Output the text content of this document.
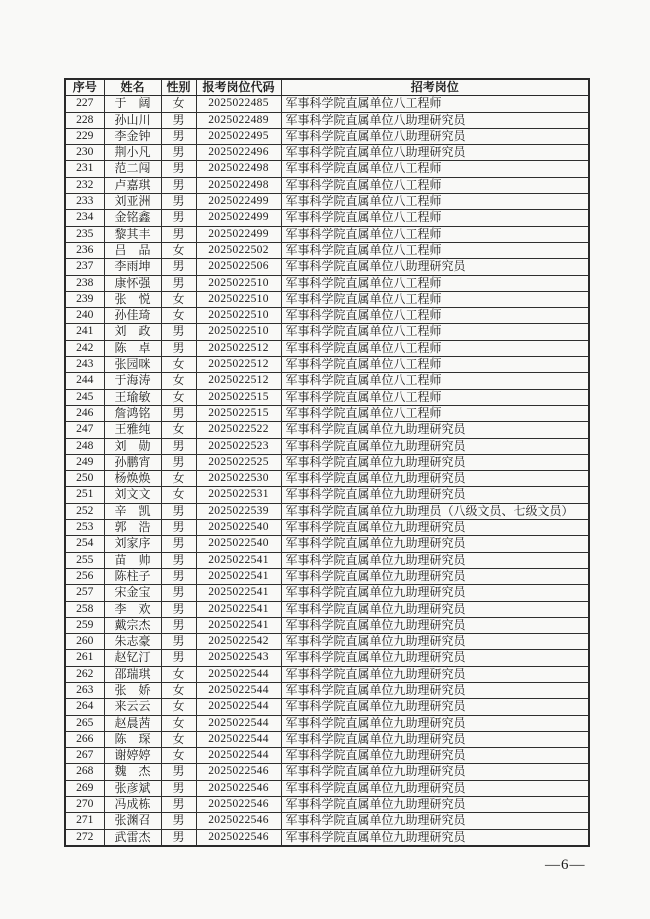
序号	姓名	性别	报考岗位代码	招考岗位
227	于　阔	女	2025022485	军事科学院直属单位八工程师
228	孙山川	男	2025022489	军事科学院直属单位八助理研究员
229	李金钟	男	2025022495	军事科学院直属单位八助理研究员
230	荆小凡	男	2025022496	军事科学院直属单位八助理研究员
231	范二闯	男	2025022498	军事科学院直属单位八工程师
232	卢嘉琪	男	2025022498	军事科学院直属单位八工程师
233	刘亚洲	男	2025022499	军事科学院直属单位八工程师
234	金铭鑫	男	2025022499	军事科学院直属单位八工程师
235	黎其丰	男	2025022499	军事科学院直属单位八工程师
236	吕　品	女	2025022502	军事科学院直属单位八工程师
237	李雨坤	男	2025022506	军事科学院直属单位八助理研究员
238	康怀强	男	2025022510	军事科学院直属单位八工程师
239	张　悦	女	2025022510	军事科学院直属单位八工程师
240	孙佳琦	女	2025022510	军事科学院直属单位八工程师
241	刘　政	男	2025022510	军事科学院直属单位八工程师
242	陈　卓	男	2025022512	军事科学院直属单位八工程师
243	张园咪	女	2025022512	军事科学院直属单位八工程师
244	于海涛	女	2025022512	军事科学院直属单位八工程师
245	王瑜敏	女	2025022515	军事科学院直属单位八工程师
246	詹鸿铭	男	2025022515	军事科学院直属单位八工程师
247	王雅纯	女	2025022522	军事科学院直属单位九助理研究员
248	刘　勋	男	2025022523	军事科学院直属单位九助理研究员
249	孙鹏宵	男	2025022525	军事科学院直属单位九助理研究员
250	杨焕焕	女	2025022530	军事科学院直属单位九助理研究员
251	刘文文	女	2025022531	军事科学院直属单位九助理研究员
252	辛　凯	男	2025022539	军事科学院直属单位九助理员（八级文员、七级文员）
253	郭　浩	男	2025022540	军事科学院直属单位九助理研究员
254	刘家序	男	2025022540	军事科学院直属单位九助理研究员
255	苗　帅	男	2025022541	军事科学院直属单位九助理研究员
256	陈柱子	男	2025022541	军事科学院直属单位九助理研究员
257	宋金宝	男	2025022541	军事科学院直属单位九助理研究员
258	李　欢	男	2025022541	军事科学院直属单位九助理研究员
259	戴宗杰	男	2025022541	军事科学院直属单位九助理研究员
260	朱志豪	男	2025022542	军事科学院直属单位九助理研究员
261	赵钇汀	男	2025022543	军事科学院直属单位九助理研究员
262	邵瑞琪	女	2025022544	军事科学院直属单位九助理研究员
263	张　娇	女	2025022544	军事科学院直属单位九助理研究员
264	来云云	女	2025022544	军事科学院直属单位九助理研究员
265	赵晨茜	女	2025022544	军事科学院直属单位九助理研究员
266	陈　琛	女	2025022544	军事科学院直属单位九助理研究员
267	谢婷婷	女	2025022544	军事科学院直属单位九助理研究员
268	魏　杰	男	2025022546	军事科学院直属单位九助理研究员
269	张彦斌	男	2025022546	军事科学院直属单位九助理研究员
270	冯成栋	男	2025022546	军事科学院直属单位九助理研究员
271	张渊召	男	2025022546	军事科学院直属单位九助理研究员
272	武雷杰	男	2025022546	军事科学院直属单位九助理研究员
—6—
